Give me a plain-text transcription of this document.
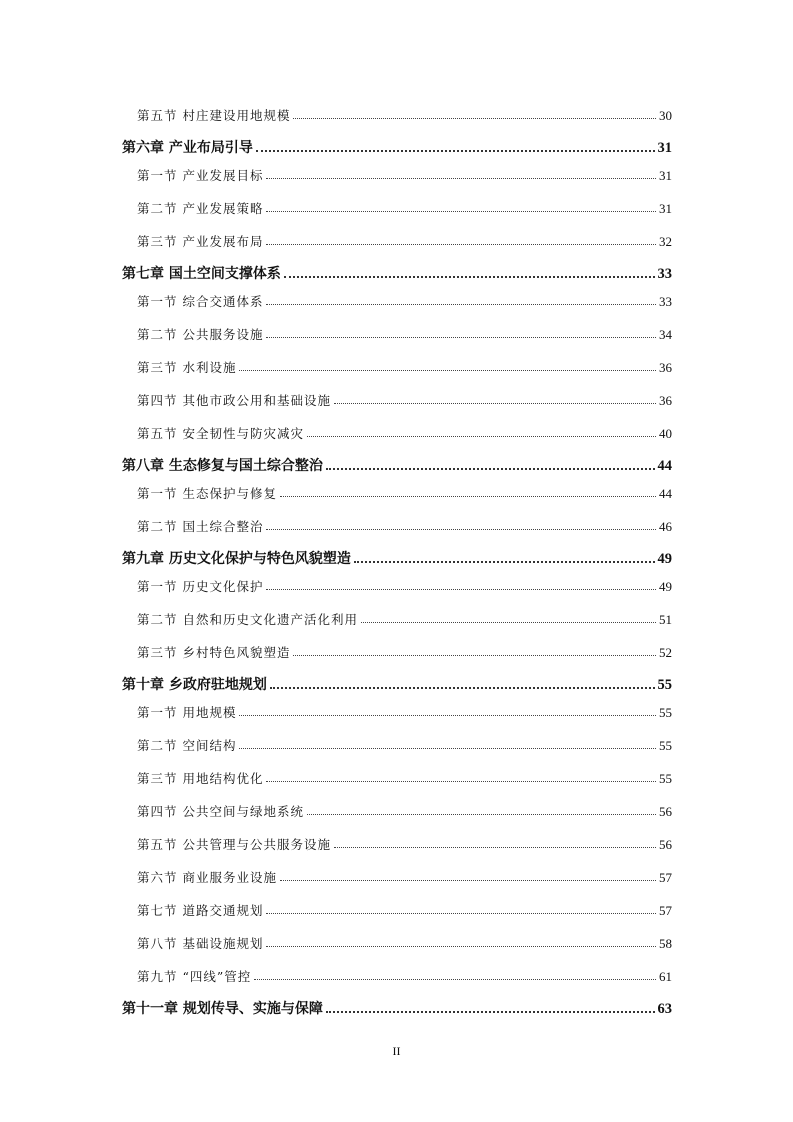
第五节 村庄建设用地规模	30
第六章 产业布局引导	31
第一节 产业发展目标	31
第二节 产业发展策略	31
第三节 产业发展布局	32
第七章 国土空间支撑体系	33
第一节 综合交通体系	33
第二节 公共服务设施	34
第三节 水利设施	36
第四节 其他市政公用和基础设施	36
第五节 安全韧性与防灾减灾	40
第八章 生态修复与国土综合整治	44
第一节 生态保护与修复	44
第二节 国土综合整治	46
第九章 历史文化保护与特色风貌塑造	49
第一节 历史文化保护	49
第二节 自然和历史文化遗产活化利用	51
第三节 乡村特色风貌塑造	52
第十章 乡政府驻地规划	55
第一节 用地规模	55
第二节 空间结构	55
第三节 用地结构优化	55
第四节 公共空间与绿地系统	56
第五节 公共管理与公共服务设施	56
第六节 商业服务业设施	57
第七节 道路交通规划	57
第八节 基础设施规划	58
第九节 “四线”管控	61
第十一章 规划传导、实施与保障	63
II
